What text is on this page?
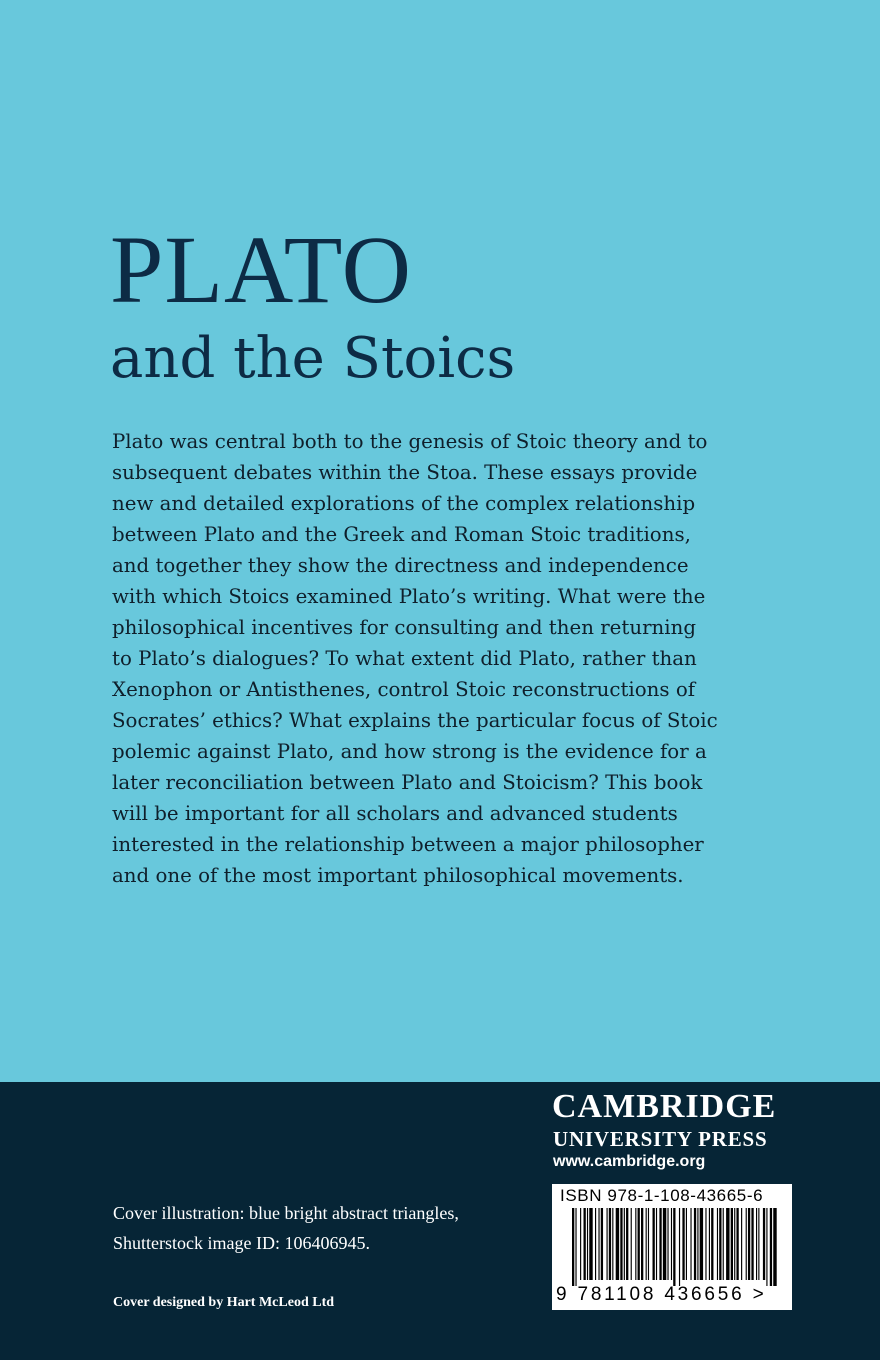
PLATO
and the Stoics
Plato was central both to the genesis of Stoic theory and to
subsequent debates within the Stoa. These essays provide
new and detailed explorations of the complex relationship
between Plato and the Greek and Roman Stoic traditions,
and together they show the directness and independence
with which Stoics examined Plato’s writing. What were the
philosophical incentives for consulting and then returning
to Plato’s dialogues? To what extent did Plato, rather than
Xenophon or Antisthenes, control Stoic reconstructions of
Socrates’ ethics? What explains the particular focus of Stoic
polemic against Plato, and how strong is the evidence for a
later reconciliation between Plato and Stoicism? This book
will be important for all scholars and advanced students
interested in the relationship between a major philosopher
and one of the most important philosophical movements.
CAMBRIDGE
UNIVERSITY PRESS
www.cambridge.org
Cover illustration: blue bright abstract triangles,
Shutterstock image ID: 106406945.
Cover designed by Hart McLeod Ltd
ISBN 978-1-108-43665-6
9 781108 436656 >
